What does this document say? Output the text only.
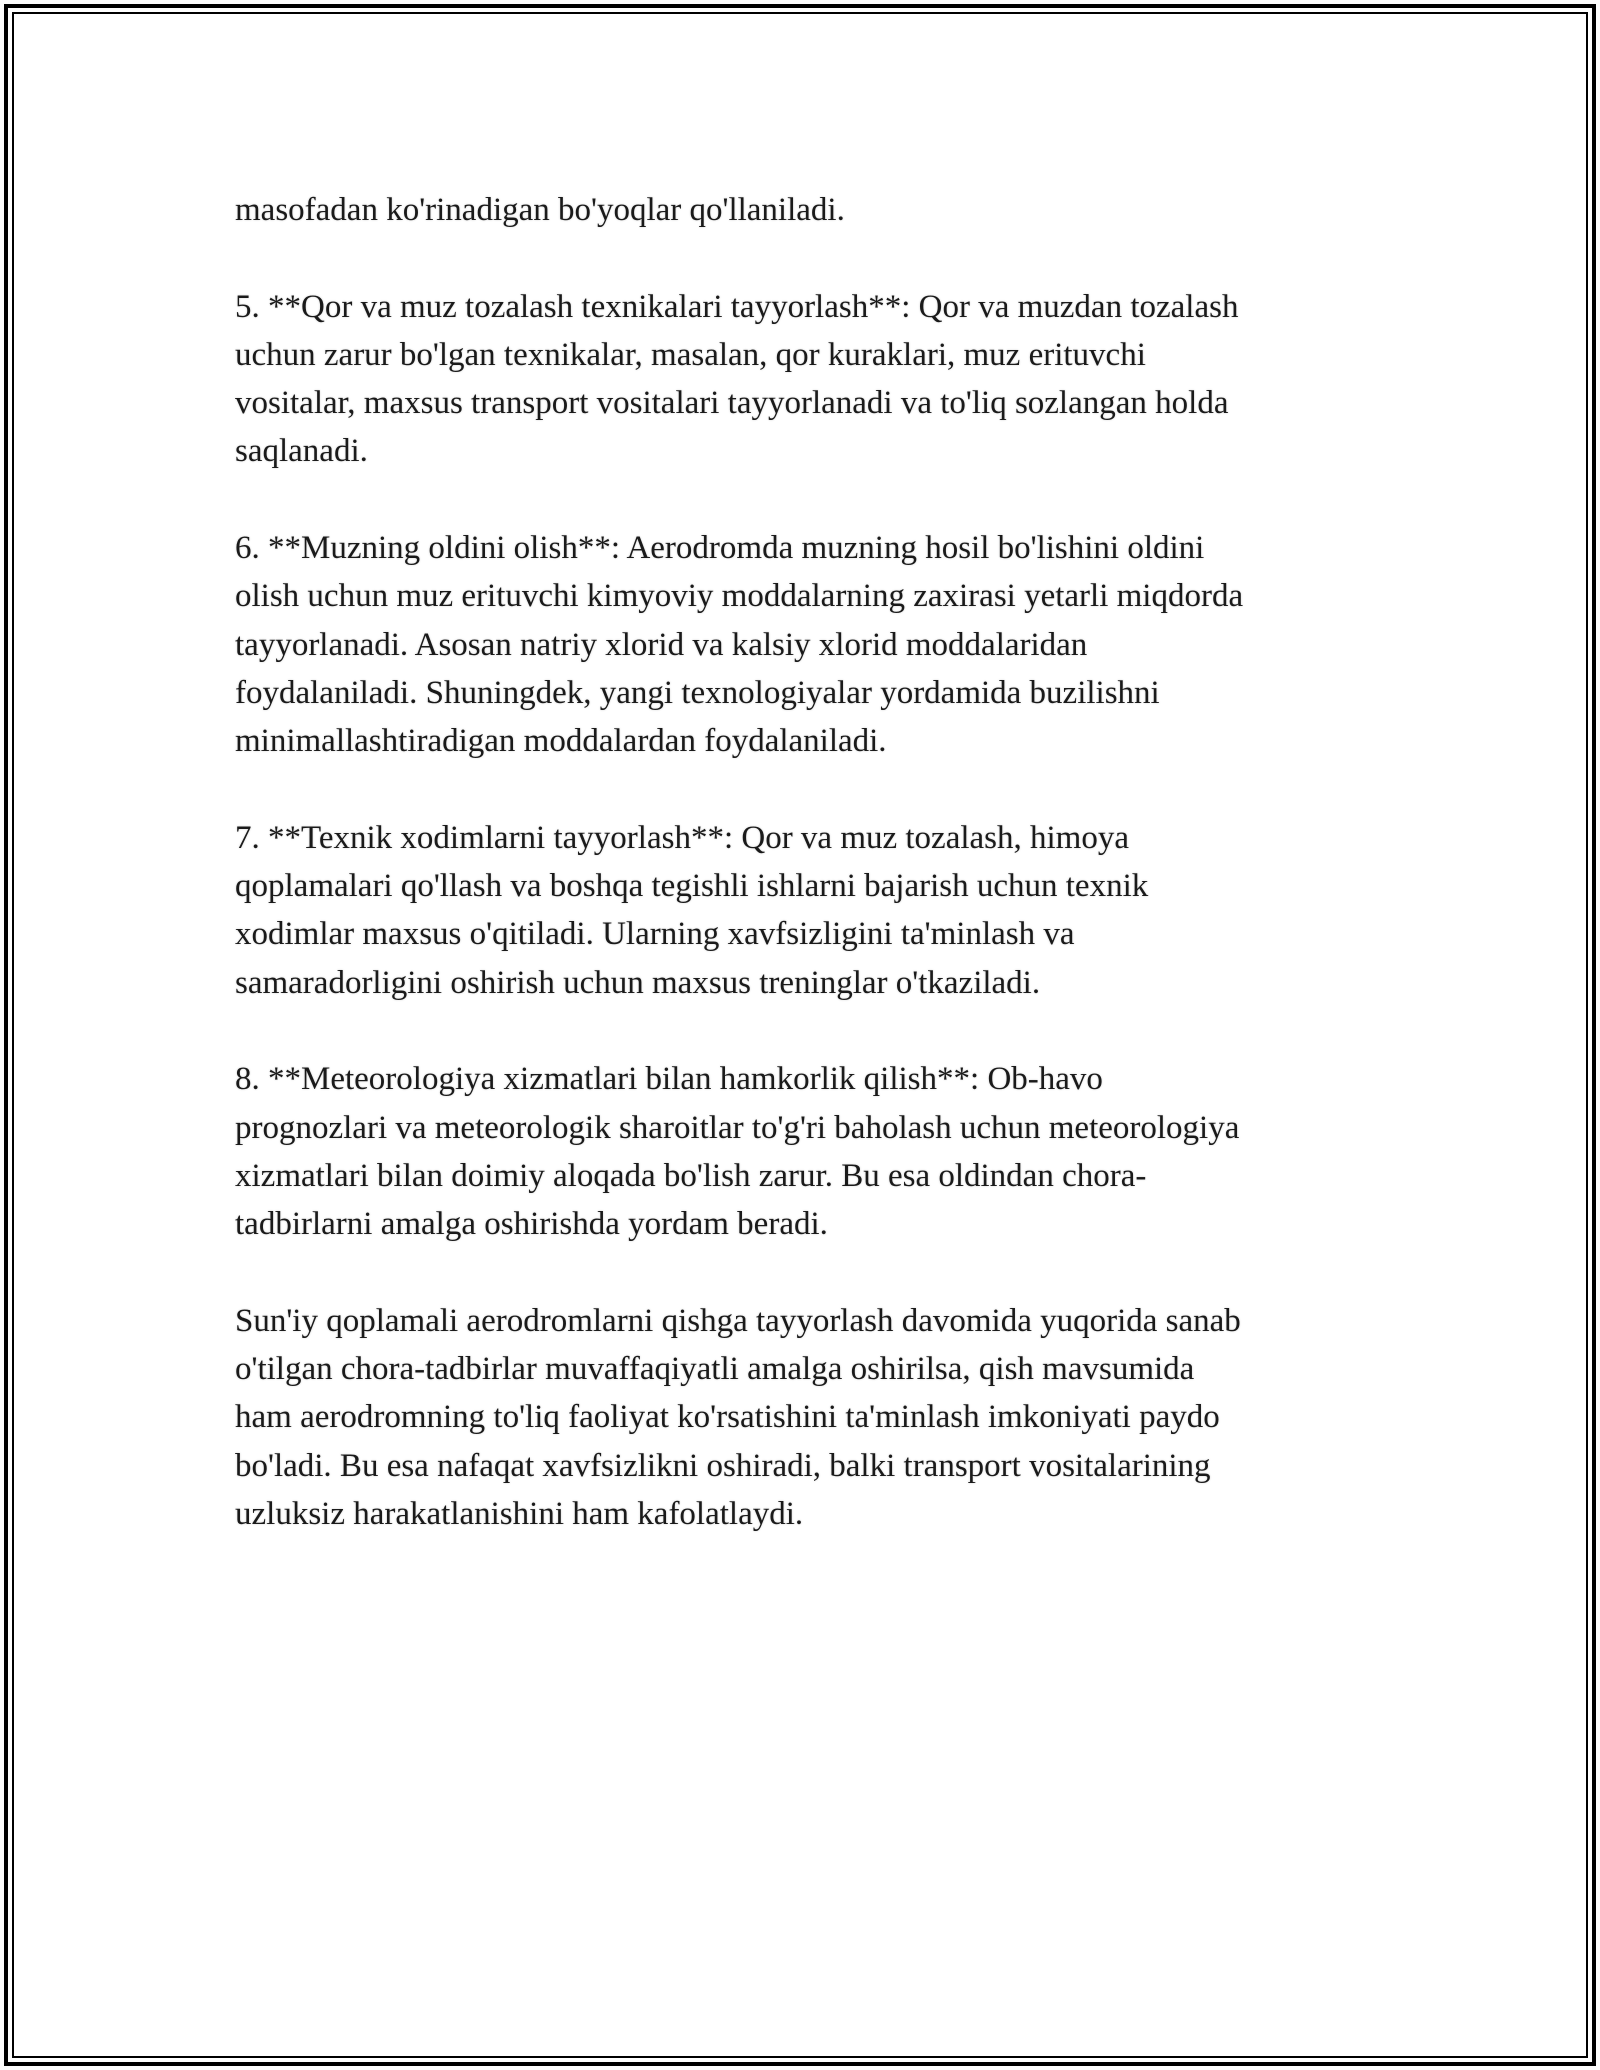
masofadan ko'rinadigan bo'yoqlar qo'llaniladi.

5. **Qor va muz tozalash texnikalari tayyorlash**: Qor va muzdan tozalash
uchun zarur bo'lgan texnikalar, masalan, qor kuraklari, muz erituvchi
vositalar, maxsus transport vositalari tayyorlanadi va to'liq sozlangan holda
saqlanadi.

6. **Muzning oldini olish**: Aerodromda muzning hosil bo'lishini oldini
olish uchun muz erituvchi kimyoviy moddalarning zaxirasi yetarli miqdorda
tayyorlanadi. Asosan natriy xlorid va kalsiy xlorid moddalaridan
foydalaniladi. Shuningdek, yangi texnologiyalar yordamida buzilishni
minimallashtiradigan moddalardan foydalaniladi.

7. **Texnik xodimlarni tayyorlash**: Qor va muz tozalash, himoya
qoplamalari qo'llash va boshqa tegishli ishlarni bajarish uchun texnik
xodimlar maxsus o'qitiladi. Ularning xavfsizligini ta'minlash va
samaradorligini oshirish uchun maxsus treninglar o'tkaziladi.

8. **Meteorologiya xizmatlari bilan hamkorlik qilish**: Ob-havo
prognozlari va meteorologik sharoitlar to'g'ri baholash uchun meteorologiya
xizmatlari bilan doimiy aloqada bo'lish zarur. Bu esa oldindan chora-
tadbirlarni amalga oshirishda yordam beradi.

Sun'iy qoplamali aerodromlarni qishga tayyorlash davomida yuqorida sanab
o'tilgan chora-tadbirlar muvaffaqiyatli amalga oshirilsa, qish mavsumida
ham aerodromning to'liq faoliyat ko'rsatishini ta'minlash imkoniyati paydo
bo'ladi. Bu esa nafaqat xavfsizlikni oshiradi, balki transport vositalarining
uzluksiz harakatlanishini ham kafolatlaydi.
